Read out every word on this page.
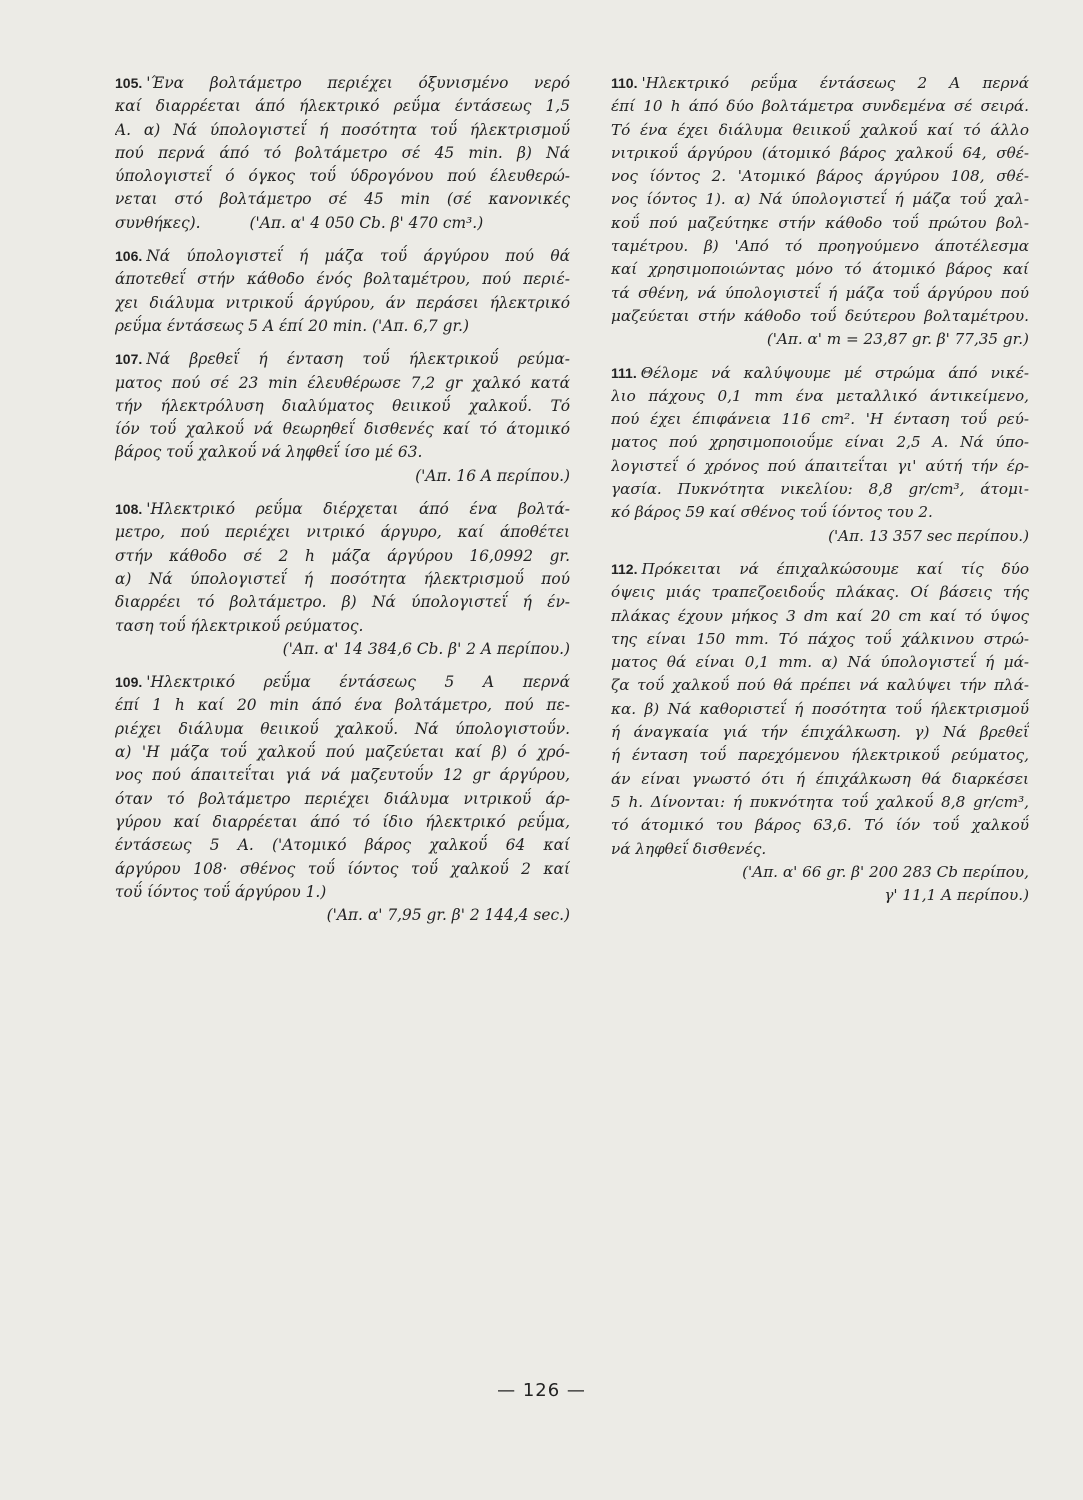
105. 'Ένα βολτάμετρο περιέχει όξυνισμένο νερό
καί διαρρέεται άπό ήλεκτρικό ρεΰμα έντάσεως 1,5
Α. α) Νά ύπολογιστεΐ ή ποσότητα τοΰ ήλεκτρισμοΰ
πού περνά άπό τό βολτάμετρο σέ 45 min. β) Νά
ύπολογιστεΐ ό όγκος τοΰ ύδρογόνου πού έλευθερώ-
νεται στό βολτάμετρο σέ 45 min (σέ κανονικές
συνθήκες).          ('Απ. α' 4 050 Cb. β' 470 cm³.)
106. Νά ύπολογιστεΐ ή μάζα τοΰ άργύρου πού θά
άποτεθεΐ στήν κάθοδο ένός βολταμέτρου, πού περιέ-
χει διάλυμα νιτρικοΰ άργύρου, άν περάσει ήλεκτρικό
ρεΰμα έντάσεως 5 Α έπί 20 min. ('Απ. 6,7 gr.)
107. Νά βρεθεΐ ή ένταση τοΰ ήλεκτρικοΰ ρεύμα-
ματος πού σέ 23 min έλευθέρωσε 7,2 gr χαλκό κατά
τήν ήλεκτρόλυση διαλύματος θειικοΰ χαλκοΰ. Τό
ίόν τοΰ χαλκοΰ νά θεωρηθεΐ δισθενές καί τό άτομικό
βάρος τοΰ χαλκοΰ νά ληφθεΐ ίσο μέ 63.
('Απ. 16 Α περίπου.)
108. 'Ηλεκτρικό ρεΰμα διέρχεται άπό ένα βολτά-
μετρο, πού περιέχει νιτρικό άργυρο, καί άποθέτει
στήν κάθοδο σέ 2 h μάζα άργύρου 16,0992 gr.
α) Νά ύπολογιστεΐ ή ποσότητα ήλεκτρισμοΰ πού
διαρρέει τό βολτάμετρο. β) Νά ύπολογιστεΐ ή έν-
ταση τοΰ ήλεκτρικοΰ ρεύματος.
('Απ. α' 14 384,6 Cb. β' 2 Α περίπου.)
109. 'Ηλεκτρικό ρεΰμα έντάσεως 5 Α περνά
έπί 1 h καί 20 min άπό ένα βολτάμετρο, πού πε-
ριέχει διάλυμα θειικοΰ χαλκοΰ. Νά ύπολογιστοΰν.
α) 'Η μάζα τοΰ χαλκοΰ πού μαζεύεται καί β) ό χρό-
νος πού άπαιτεΐται γιά νά μαζευτοΰν 12 gr άργύρου,
όταν τό βολτάμετρο περιέχει διάλυμα νιτρικοΰ άρ-
γύρου καί διαρρέεται άπό τό ίδιο ήλεκτρικό ρεΰμα,
έντάσεως 5 Α. ('Ατομικό βάρος χαλκοΰ 64 καί
άργύρου 108· σθένος τοΰ ίόντος τοΰ χαλκοΰ 2 καί
τοΰ ίόντος τοΰ άργύρου 1.)
('Απ. α' 7,95 gr. β' 2 144,4 sec.)
110. 'Ηλεκτρικό ρεΰμα έντάσεως 2 Α περνά
έπί 10 h άπό δύο βολτάμετρα συνδεμένα σέ σειρά.
Τό ένα έχει διάλυμα θειικοΰ χαλκοΰ καί τό άλλο
νιτρικοΰ άργύρου (άτομικό βάρος χαλκοΰ 64, σθέ-
νος ίόντος 2. 'Ατομικό βάρος άργύρου 108, σθέ-
νος ίόντος 1). α) Νά ύπολογιστεΐ ή μάζα τοΰ χαλ-
κοΰ πού μαζεύτηκε στήν κάθοδο τοΰ πρώτου βολ-
ταμέτρου. β) 'Από τό προηγούμενο άποτέλεσμα
καί χρησιμοποιώντας μόνο τό άτομικό βάρος καί
τά σθένη, νά ύπολογιστεΐ ή μάζα τοΰ άργύρου πού
μαζεύεται στήν κάθοδο τοΰ δεύτερου βολταμέτρου.
('Απ. α' m = 23,87 gr. β' 77,35 gr.)
111. Θέλομε νά καλύψουμε μέ στρώμα άπό νικέ-
λιο πάχους 0,1 mm ένα μεταλλικό άντικείμενο,
πού έχει έπιφάνεια 116 cm². 'Η ένταση τοΰ ρεύ-
ματος πού χρησιμοποιοΰμε είναι 2,5 Α. Νά ύπο-
λογιστεΐ ό χρόνος πού άπαιτεΐται γι' αύτή τήν έρ-
γασία. Πυκνότητα νικελίου: 8,8 gr/cm³, άτομι-
κό βάρος 59 καί σθένος τοΰ ίόντος του 2.
('Απ. 13 357 sec περίπου.)
112. Πρόκειται νά έπιχαλκώσουμε καί τίς δύο
όψεις μιάς τραπεζοειδοΰς πλάκας. Οί βάσεις τής
πλάκας έχουν μήκος 3 dm καί 20 cm καί τό ύψος
της είναι 150 mm. Τό πάχος τοΰ χάλκινου στρώ-
ματος θά είναι 0,1 mm. α) Νά ύπολογιστεΐ ή μά-
ζα τοΰ χαλκοΰ πού θά πρέπει νά καλύψει τήν πλά-
κα. β) Νά καθοριστεΐ ή ποσότητα τοΰ ήλεκτρισμοΰ
ή άναγκαία γιά τήν έπιχάλκωση. γ) Νά βρεθεΐ
ή ένταση τοΰ παρεχόμενου ήλεκτρικοΰ ρεύματος,
άν είναι γνωστό ότι ή έπιχάλκωση θά διαρκέσει
5 h. Δίνονται: ή πυκνότητα τοΰ χαλκοΰ 8,8 gr/cm³,
τό άτομικό του βάρος 63,6. Τό ίόν τοΰ χαλκοΰ
νά ληφθεΐ δισθενές.
('Απ. α' 66 gr. β' 200 283 Cb περίπου,
γ' 11,1 Α περίπου.)
— 126 —
